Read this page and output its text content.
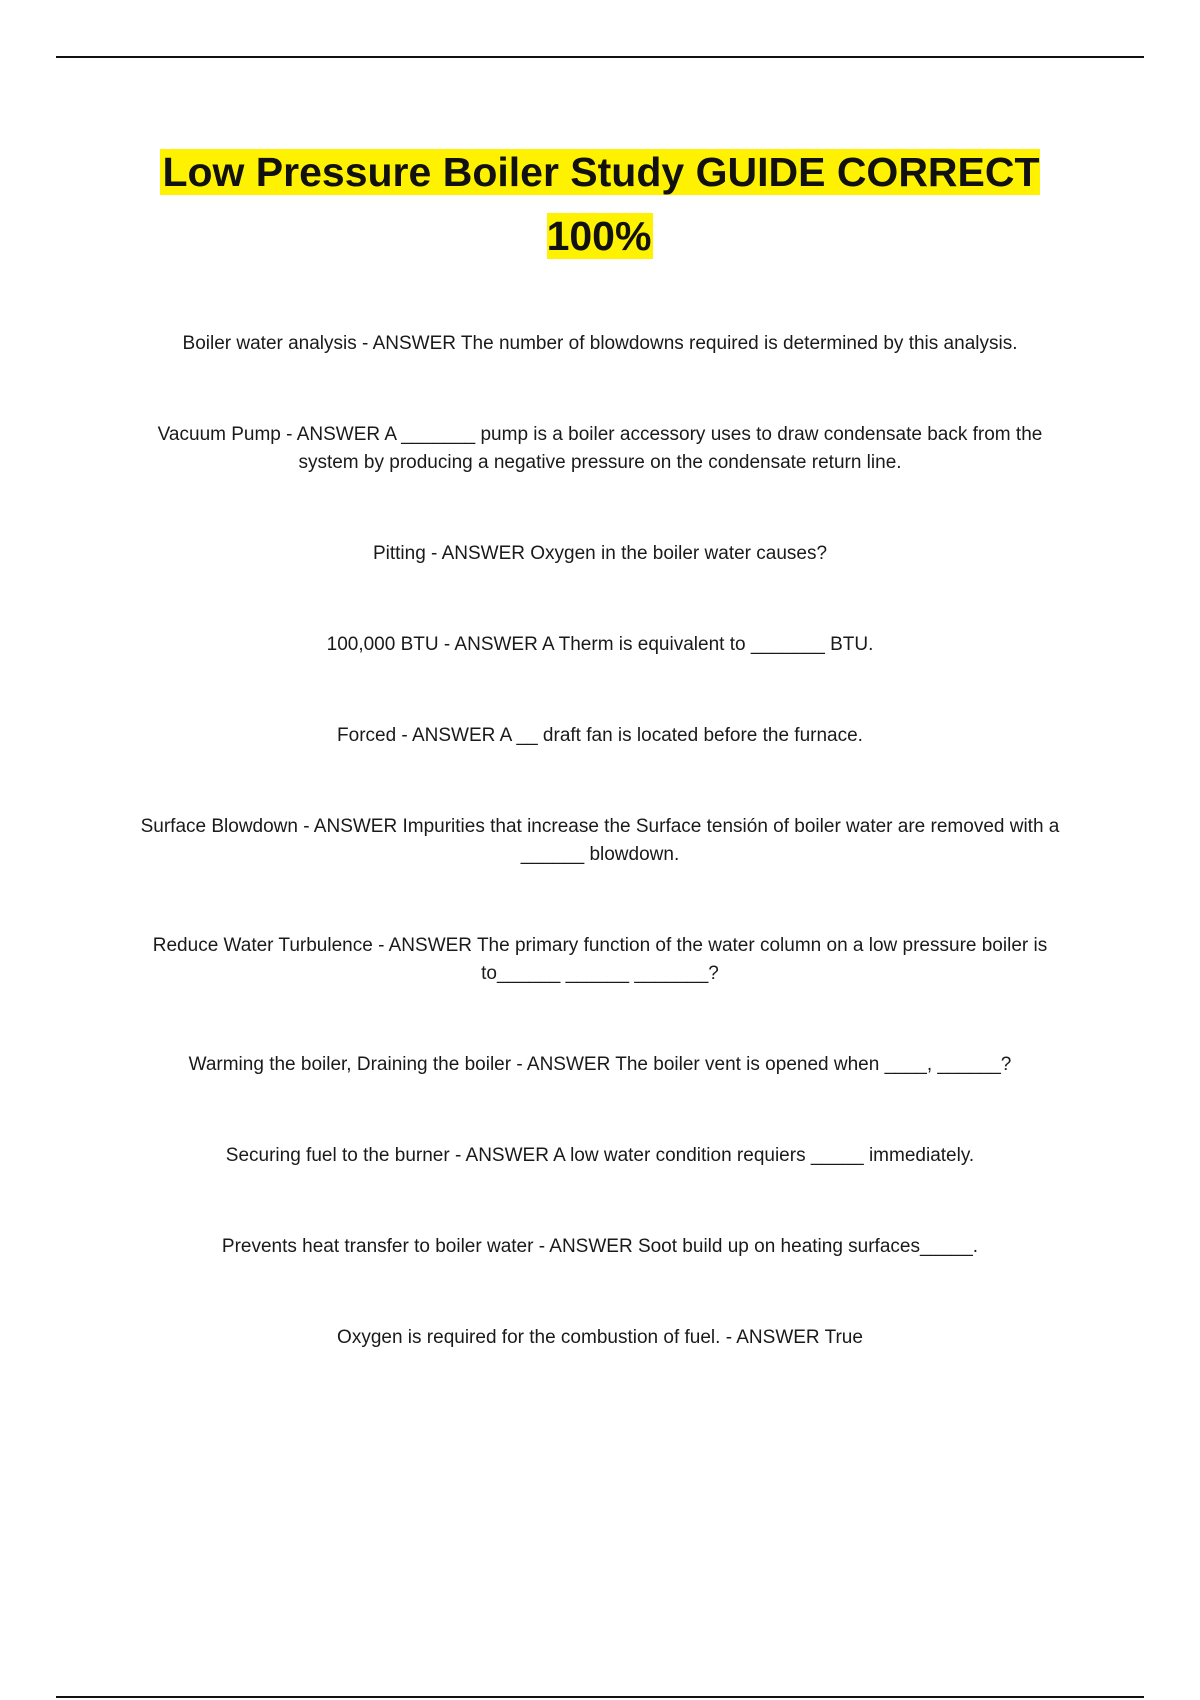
Low Pressure Boiler Study GUIDE CORRECT 100%

Boiler water analysis - ANSWER The number of blowdowns required is determined by this analysis.

Vacuum Pump - ANSWER A _______ pump is a boiler accessory uses to draw condensate back from the system by producing a negative pressure on the condensate return line.

Pitting - ANSWER Oxygen in the boiler water causes?

100,000 BTU - ANSWER A Therm is equivalent to _______ BTU.

Forced - ANSWER A __ draft fan is located before the furnace.

Surface Blowdown - ANSWER Impurities that increase the Surface tensión of boiler water are removed with a ______ blowdown.

Reduce Water Turbulence - ANSWER The primary function of the water column on a low pressure boiler is to______ ______ _______?

Warming the boiler, Draining the boiler - ANSWER The boiler vent is opened when ____, ______?

Securing fuel to the burner - ANSWER A low water condition requiers _____ immediately.

Prevents heat transfer to boiler water - ANSWER Soot build up on heating surfaces_____.

Oxygen is required for the combustion of fuel. - ANSWER True
